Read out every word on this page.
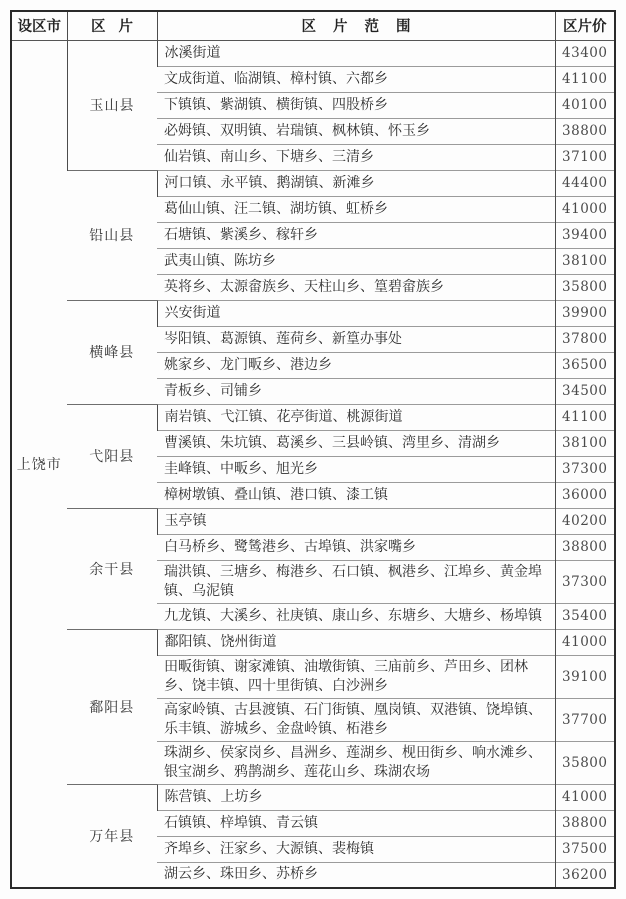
设区市	区片	区片范围	区片价
上饶市	玉山县	冰溪街道	43400
		文成街道、临湖镇、樟村镇、六都乡	41100
		下镇镇、紫湖镇、横街镇、四股桥乡	40100
		必姆镇、双明镇、岩瑞镇、枫林镇、怀玉乡	38800
		仙岩镇、南山乡、下塘乡、三清乡	37100
	铅山县	河口镇、永平镇、鹅湖镇、新滩乡	44400
		葛仙山镇、汪二镇、湖坊镇、虹桥乡	41000
		石塘镇、紫溪乡、稼轩乡	39400
		武夷山镇、陈坊乡	38100
		英将乡、太源畲族乡、天柱山乡、篁碧畲族乡	35800
	横峰县	兴安街道	39900
		岑阳镇、葛源镇、莲荷乡、新篁办事处	37800
		姚家乡、龙门畈乡、港边乡	36500
		青板乡、司铺乡	34500
	弋阳县	南岩镇、弋江镇、花亭街道、桃源街道	41100
		曹溪镇、朱坑镇、葛溪乡、三县岭镇、湾里乡、清湖乡	38100
		圭峰镇、中畈乡、旭光乡	37300
		樟树墩镇、叠山镇、港口镇、漆工镇	36000
	余干县	玉亭镇	40200
		白马桥乡、鹭鸶港乡、古埠镇、洪家嘴乡	38800
		瑞洪镇、三塘乡、梅港乡、石口镇、枫港乡、江埠乡、黄金埠镇、乌泥镇	37300
		九龙镇、大溪乡、社庚镇、康山乡、东塘乡、大塘乡、杨埠镇	35400
	鄱阳县	鄱阳镇、饶州街道	41000
		田畈街镇、谢家滩镇、油墩街镇、三庙前乡、芦田乡、团林乡、饶丰镇、四十里街镇、白沙洲乡	39100
		高家岭镇、古县渡镇、石门街镇、凰岗镇、双港镇、饶埠镇、乐丰镇、游城乡、金盘岭镇、柘港乡	37700
		珠湖乡、侯家岗乡、昌洲乡、莲湖乡、枧田街乡、响水滩乡、银宝湖乡、鸦鹊湖乡、莲花山乡、珠湖农场	35800
	万年县	陈营镇、上坊乡	41000
		石镇镇、梓埠镇、青云镇	38800
		齐埠乡、汪家乡、大源镇、裴梅镇	37500
		湖云乡、珠田乡、苏桥乡	36200
